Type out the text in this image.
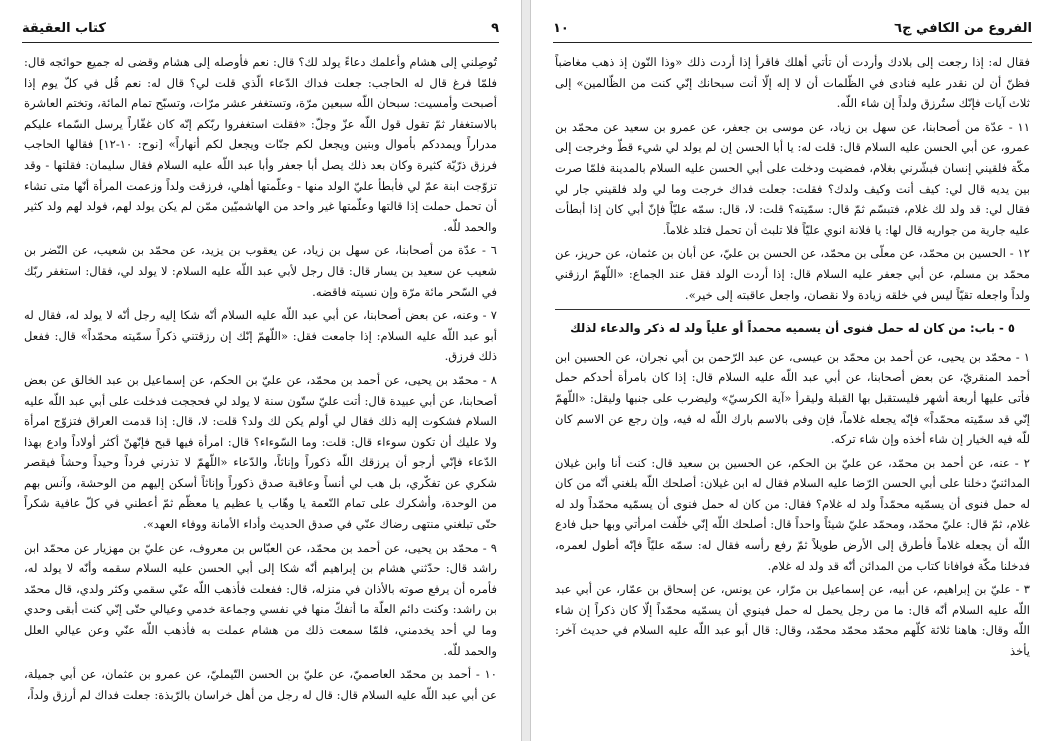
كتاب العقيقة	٩

تُوصِلني إلى هشام وأعلمك دعاءً يولد لك؟ قال: نعم فأوصله إلى هشام وقضى له جميع حوائجه قال: فلمّا فرغ قال له الحاجب: جعلت فداك الدّعاء الّذي قلت لي؟ قال له: نعم قُل في كلّ يوم إذا أصبحت وأمسيت: سبحان اللّه سبعين مرّة، وتستغفر عشر مرّات، وتسبّح تمام المائة، وتختم العاشرة بالاستغفار ثمّ تقول قول اللّه عزّ وجلّ: «فقلت استغفروا ربّكم إنّه كان غفّاراً يرسل السّماء عليكم مدراراً ويمددكم بأموال وبنين ويجعل لكم جنّات ويجعل لكم أنهاراً» [نوح: ١٠-١٢] فقالها الحاجب فرزق ذرّيّة كثيرة وكان بعد ذلك يصل أبا جعفر وأبا عبد اللّه عليه السلام فقال سليمان: فقلتها - وقد تزوّجت ابنة عمّ لي فأبطأ عليّ الولد منها - وعلّمتها أهلي، فرزقت ولداً وزعمت المرأة أنّها متى تشاء أن تحمل حملت إذا قالتها وعلّمتها غير واحد من الهاشميّين ممّن لم يكن يولد لهم، فولد لهم ولد كثير والحمد للّه.

٦ - عدّة من أصحابنا، عن سهل بن زياد، عن يعقوب بن يزيد، عن محمّد بن شعيب، عن النّضر بن شعيب عن سعيد بن يسار قال: قال رجل لأبي عبد اللّه عليه السلام: لا يولد لي، فقال: استغفر ربّك في السّحر مائة مرّة وإن نسيته فاقضه.

٧ - وعنه، عن بعض أصحابنا، عن أبي عبد اللّه عليه السلام أنّه شكا إليه رجل أنّه لا يولد له، فقال له أبو عبد اللّه عليه السلام: إذا جامعت فقل: «اللّهمّ إنّك إن رزقتني ذكراً سمّيته محمّداً» قال: ففعل ذلك فرزق.

٨ - محمّد بن يحيى، عن أحمد بن محمّد، عن عليّ بن الحكم، عن إسماعيل بن عبد الخالق عن بعض أصحابنا، عن أبي عبيدة قال: أتت عليّ ستّون سنة لا يولد لي فحججت فدخلت على أبي عبد اللّه عليه السلام فشكوت إليه ذلك فقال لي أولم يكن لك ولد؟ قلت: لا، قال: إذا قدمت العراق فتزوّج امرأة ولا عليك أن تكون سوءاء قال: قلت: وما السّوءاء؟ قال: امرأة فيها قبح فإنّهنّ أكثر أولاداً وادع بهذا الدّعاء فإنّي أرجو أن يرزقك اللّه ذكوراً وإناثاً، والدّعاء «اللّهمّ لا تذرني فرداً وحيداً وحشاً فيقصر شكري عن تفكّري، بل هب لي أنساً وعاقبة صدق ذكوراً وإناثاً أسكن إليهم من الوحشة، وآنس بهم من الوحدة، وأشكرك على تمام النّعمة يا وهّاب يا عظيم يا معظّم ثمّ أعطني في كلّ عافية شكراً حتّى تبلغني منتهى رضاك عنّي في صدق الحديث وأداء الأمانة ووفاء العهد».

٩ - محمّد بن يحيى، عن أحمد بن محمّد، عن العبّاس بن معروف، عن عليّ بن مهزيار عن محمّد ابن راشد قال: حدّثني هشام بن إبراهيم أنّه شكا إلى أبي الحسن عليه السلام سقمه وأنّه لا يولد له، فأمره أن يرفع صوته بالأذان في منزله، قال: ففعلت فأذهب اللّه عنّي سقمي وكثر ولدي، قال محمّد بن راشد: وكنت دائم العلّة ما أنفكّ منها في نفسي وجماعة خدمي وعيالي حتّى إنّي كنت أبقى وحدي وما لي أحد يخدمني، فلمّا سمعت ذلك من هشام عملت به فأذهب اللّه عنّي وعن عيالي العلل والحمد للّه.

١٠ - أحمد بن محمّد العاصميّ، عن عليّ بن الحسن التّيمليّ، عن عمرو بن عثمان، عن أبي جميلة، عن أبي عبد اللّه عليه السلام قال: قال له رجل من أهل خراسان بالرّبذة: جعلت فداك لم أرزق ولداً،

١٠	الفروع من الكافي ج٦

فقال له: إذا رجعت إلى بلادك وأردت أن تأتي أهلك فاقرأ إذا أردت ذلك «وذا النّون إذ ذهب مغاضباً فظنّ أن لن نقدر عليه فنادى في الظّلمات أن لا إله إلّا أنت سبحانك إنّي كنت من الظّالمين» إلى ثلاث آيات فإنّك ستُرزق ولداً إن شاء اللّه.

١١ - عدّة من أصحابنا، عن سهل بن زياد، عن موسى بن جعفر، عن عمرو بن سعيد عن محمّد بن عمرو، عن أبي الحسن عليه السلام قال: قلت له: يا أبا الحسن إن لم يولد لي شيء قطّ وخرجت إلى مكّة فلقيني إنسان فبشّرني بغلام، فمضيت ودخلت على أبي الحسن عليه السلام بالمدينة فلمّا صرت بين يديه قال لي: كيف أنت وكيف ولدك؟ فقلت: جعلت فداك خرجت وما لي ولد فلقيني جار لي فقال لي: قد ولد لك غلام، فتبسّم ثمّ قال: سمّيته؟ قلت: لا، قال: سمّه عليّاً فإنّ أبي كان إذا أبطأت عليه جارية من جواريه قال لها: يا فلانة انوي عليّاً فلا تلبث أن تحمل فتلد غلاماً.

١٢ - الحسين بن محمّد، عن معلّى بن محمّد، عن الحسن بن عليّ، عن أبان بن عثمان، عن حريز، عن محمّد بن مسلم، عن أبي جعفر عليه السلام قال: إذا أردت الولد فقل عند الجماع: «اللّهمّ ارزقني ولداً واجعله تقيّاً ليس في خلقه زيادة ولا نقصان، واجعل عاقبته إلى خير».

٥ - باب: من كان له حمل فنوى أن يسميه محمداً أو علياً ولد له ذكر والدعاء لذلك

١ - محمّد بن يحيى، عن أحمد بن محمّد بن عيسى، عن عبد الرّحمن بن أبي نجران، عن الحسين ابن أحمد المنقريّ، عن بعض أصحابنا، عن أبي عبد اللّه عليه السلام قال: إذا كان بامرأة أحدكم حمل فأتى عليها أربعة أشهر فليستقبل بها القبلة وليقرأ «آية الكرسيّ» وليضرب على جنبها وليقل: «اللّهمّ إنّي قد سمّيته محمّداً» فإنّه يجعله غلاماً، فإن وفى بالاسم بارك اللّه له فيه، وإن رجع عن الاسم كان للّه فيه الخيار إن شاء أخذه وإن شاء تركه.

٢ - عنه، عن أحمد بن محمّد، عن عليّ بن الحكم، عن الحسين بن سعيد قال: كنت أنا وابن غيلان المدائنيّ دخلنا على أبي الحسن الرّضا عليه السلام فقال له ابن غيلان: أصلحك اللّه بلغني أنّه من كان له حمل فنوى أن يسمّيه محمّداً ولد له غلام؟ فقال: من كان له حمل فنوى أن يسمّيه محمّداً ولد له غلام، ثمّ قال: عليّ محمّد، ومحمّد عليّ شيئاً واحداً قال: أصلحك اللّه إنّي خلّفت امرأتي وبها حبل فادع اللّه أن يجعله غلاماً فأطرق إلى الأرض طويلاً ثمّ رفع رأسه فقال له: سمّه عليّاً فإنّه أطول لعمره، فدخلنا مكّة فوافانا كتاب من المدائن أنّه قد ولد له غلام.

٣ - عليّ بن إبراهيم، عن أبيه، عن إسماعيل بن مرّار، عن يونس، عن إسحاق بن عمّار، عن أبي عبد اللّه عليه السلام أنّه قال: ما من رجل يحمل له حمل فينوي أن يسمّيه محمّداً إلّا كان ذكراً إن شاء اللّه وقال: هاهنا ثلاثة كلّهم محمّد محمّد محمّد، وقال: قال أبو عبد اللّه عليه السلام في حديث آخر: يأخذ
